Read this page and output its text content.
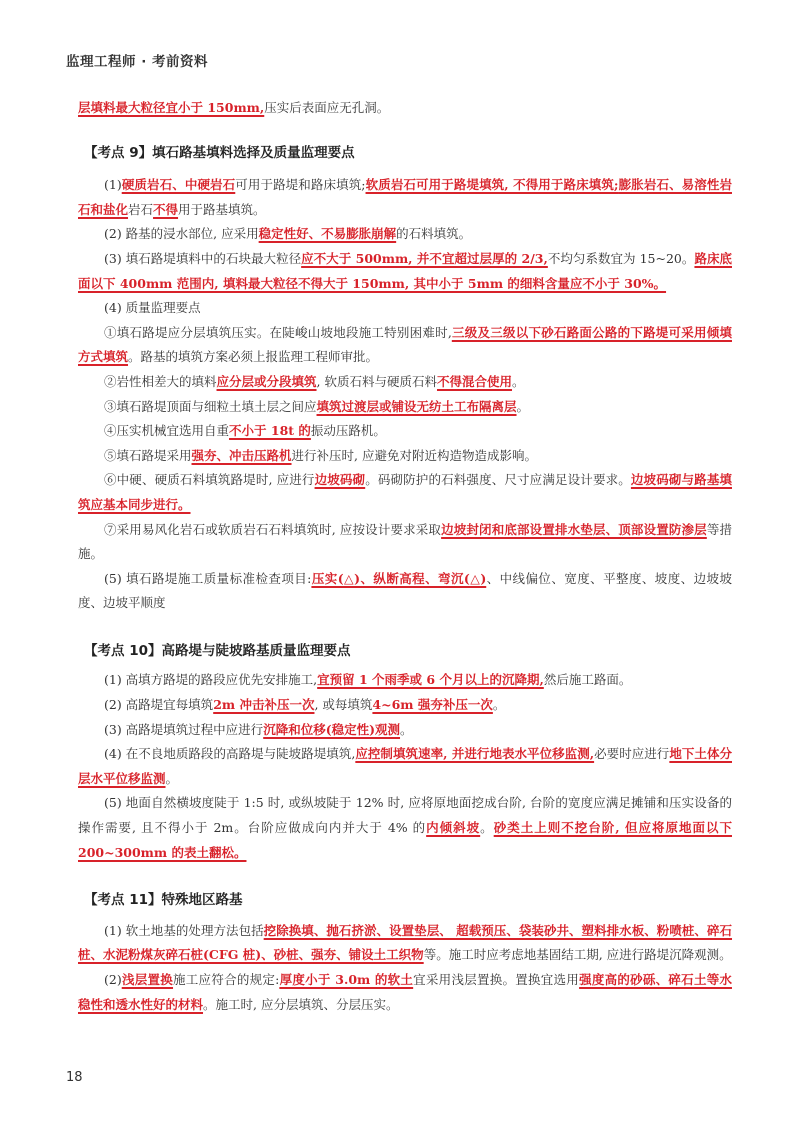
监理工程师 · 考前资料

层填料最大粒径宜小于 150mm,压实后表面应无孔洞。

【考点 9】填石路基填料选择及质量监理要点

(1)硬质岩石、中硬岩石可用于路堤和路床填筑;软质岩石可用于路堤填筑, 不得用于路床填筑;膨胀岩石、易溶性岩石和盐化岩石不得用于路基填筑。

(2) 路基的浸水部位, 应采用稳定性好、不易膨胀崩解的石料填筑。

(3) 填石路堤填料中的石块最大粒径应不大于 500mm, 并不宜超过层厚的 2/3,不均匀系数宜为 15~20。路床底面以下 400mm 范围内, 填料最大粒径不得大于 150mm, 其中小于 5mm 的细料含量应不小于 30%。

(4) 质量监理要点

①填石路堤应分层填筑压实。在陡峻山坡地段施工特别困难时,三级及三级以下砂石路面公路的下路堤可采用倾填方式填筑。路基的填筑方案必须上报监理工程师审批。

②岩性相差大的填料应分层或分段填筑, 软质石料与硬质石料不得混合使用。

③填石路堤顶面与细粒土填土层之间应填筑过渡层或铺设无纺土工布隔离层。

④压实机械宜选用自重不小于 18t 的振动压路机。

⑤填石路堤采用强夯、冲击压路机进行补压时, 应避免对附近构造物造成影响。

⑥中硬、硬质石料填筑路堤时, 应进行边坡码砌。码砌防护的石料强度、尺寸应满足设计要求。边坡码砌与路基填筑应基本同步进行。

⑦采用易风化岩石或软质岩石石料填筑时, 应按设计要求采取边坡封闭和底部设置排水垫层、顶部设置防渗层等措施。

(5) 填石路堤施工质量标准检查项目:压实(△)、纵断高程、弯沉(△)、中线偏位、宽度、平整度、坡度、边坡坡度、边坡平顺度

【考点 10】高路堤与陡坡路基质量监理要点

(1) 高填方路堤的路段应优先安排施工,宜预留 1 个雨季或 6 个月以上的沉降期,然后施工路面。

(2) 高路堤宜每填筑2m 冲击补压一次, 或每填筑4~6m 强夯补压一次。

(3) 高路堤填筑过程中应进行沉降和位移(稳定性)观测。

(4) 在不良地质路段的高路堤与陡坡路堤填筑,应控制填筑速率, 并进行地表水平位移监测,必要时应进行地下土体分层水平位移监测。

(5) 地面自然横坡度陡于 1:5 时, 或纵坡陡于 12% 时, 应将原地面挖成台阶, 台阶的宽度应满足摊铺和压实设备的操作需要, 且不得小于 2m。台阶应做成向内并大于 4% 的内倾斜坡。砂类土上则不挖台阶, 但应将原地面以下 200~300mm 的表土翻松。

【考点 11】特殊地区路基

(1) 软土地基的处理方法包括挖除换填、抛石挤淤、设置垫层、 超载预压、袋装砂井、塑料排水板、粉喷桩、碎石桩、水泥粉煤灰碎石桩(CFG 桩)、砂桩、强夯、铺设土工织物等。施工时应考虑地基固结工期, 应进行路堤沉降观测。

(2)浅层置换施工应符合的规定:厚度小于 3.0m 的软土宜采用浅层置换。置换宜选用强度高的砂砾、碎石土等水稳性和透水性好的材料。施工时, 应分层填筑、分层压实。

18
